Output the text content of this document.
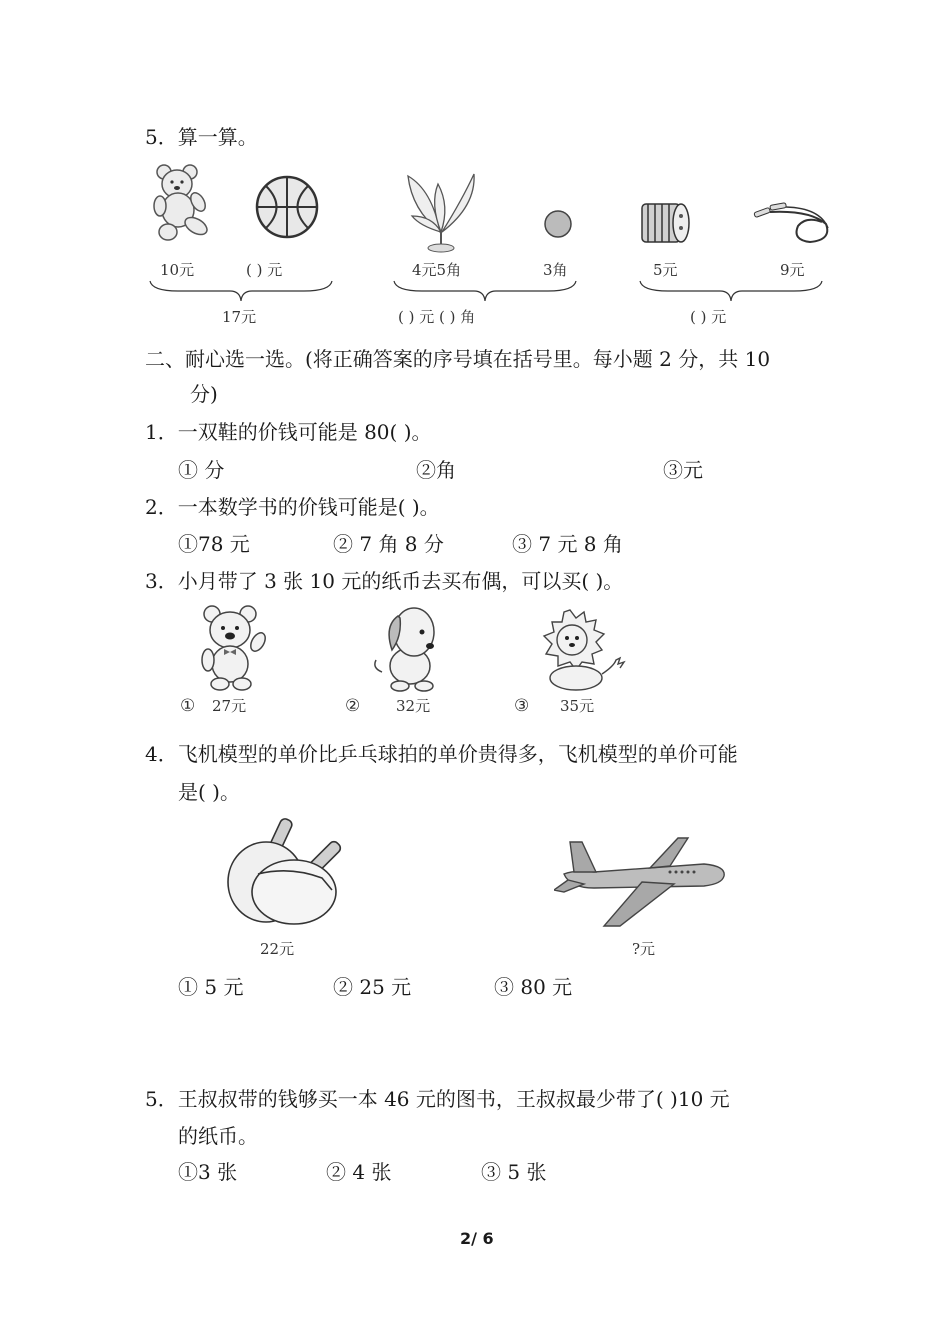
5．算一算。
10元	( ) 元
17元
4元5角	3角
( ) 元 ( ) 角
5元	9元
( ) 元
二、耐心选一选。(将正确答案的序号填在括号里。每小题 2 分，共 10
分)
1．一双鞋的价钱可能是 80( )。
① 分	②角	③元
2．一本数学书的价钱可能是( )。
①78 元	② 7 角 8 分	③ 7 元 8 角
3．小月带了 3 张 10 元的纸币去买布偶，可以买( )。
① 27元	② 32元	③ 35元
4．飞机模型的单价比乒乓球拍的单价贵得多，飞机模型的单价可能
是( )。
22元	?元
① 5 元	② 25 元	③ 80 元
5．王叔叔带的钱够买一本 46 元的图书，王叔叔最少带了( )10 元
的纸币。
①3 张	② 4 张	③ 5 张
2/ 6
